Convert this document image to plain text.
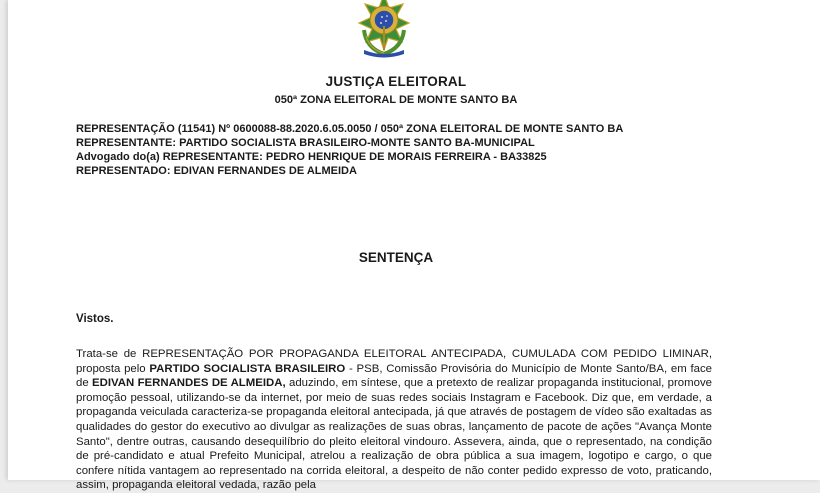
JUSTIÇA ELEITORAL
050ª ZONA ELEITORAL DE MONTE SANTO BA
REPRESENTAÇÃO (11541) Nº 0600088-88.2020.6.05.0050 / 050ª ZONA ELEITORAL DE MONTE SANTO BA
REPRESENTANTE: PARTIDO SOCIALISTA BRASILEIRO-MONTE SANTO BA-MUNICIPAL
Advogado do(a) REPRESENTANTE: PEDRO HENRIQUE DE MORAIS FERREIRA - BA33825
REPRESENTADO: EDIVAN FERNANDES DE ALMEIDA
SENTENÇA
Vistos.
Trata-se de REPRESENTAÇÃO POR PROPAGANDA ELEITORAL ANTECIPADA, CUMULADA COM PEDIDO LIMINAR, proposta pelo PARTIDO SOCIALISTA BRASILEIRO - PSB, Comissão Provisória do Município de Monte Santo/BA, em face de EDIVAN FERNANDES DE ALMEIDA, aduzindo, em síntese, que a pretexto de realizar propaganda institucional, promove promoção pessoal, utilizando-se da internet, por meio de suas redes sociais Instagram e Facebook. Diz que, em verdade, a propaganda veiculada caracteriza-se propaganda eleitoral antecipada, já que através de postagem de vídeo são exaltadas as qualidades do gestor do executivo ao divulgar as realizações de suas obras, lançamento de pacote de ações "Avança Monte Santo", dentre outras, causando desequilíbrio do pleito eleitoral vindouro. Assevera, ainda, que o representado, na condição de pré-candidato e atual Prefeito Municipal, atrelou a realização de obra pública a sua imagem, logotipo e cargo, o que confere nítida vantagem ao representado na corrida eleitoral, a despeito de não conter pedido expresso de voto, praticando, assim, propaganda eleitoral vedada, razão pela
